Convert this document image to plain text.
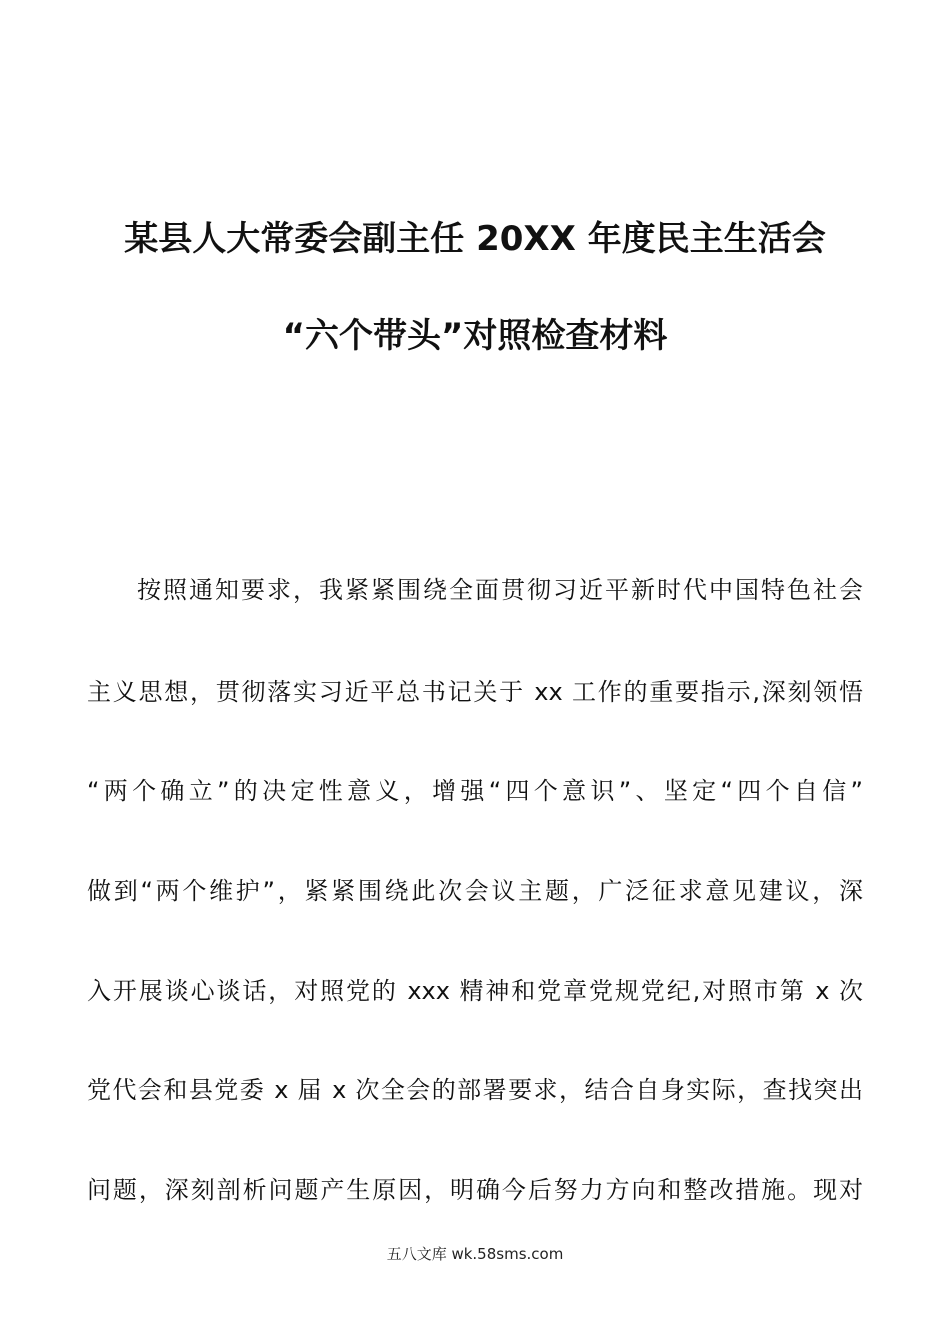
某县人大常委会副主任 20XX 年度民主生活会
“六个带头”对照检查材料
按照通知要求，我紧紧围绕全面贯彻习近平新时代中国特色社会
主义思想，贯彻落实习近平总书记关于 xx 工作的重要指示,深刻领悟
“两个确立”的决定性意义，增强“四个意识”、坚定“四个自信”
做到“两个维护”，紧紧围绕此次会议主题，广泛征求意见建议，深
入开展谈心谈话，对照党的 xxx 精神和党章党规党纪,对照市第 x 次
党代会和县党委 x 届 x 次全会的部署要求，结合自身实际，查找突出
问题，深刻剖析问题产生原因，明确今后努力方向和整改措施。现对
五八文库 wk.58sms.com
